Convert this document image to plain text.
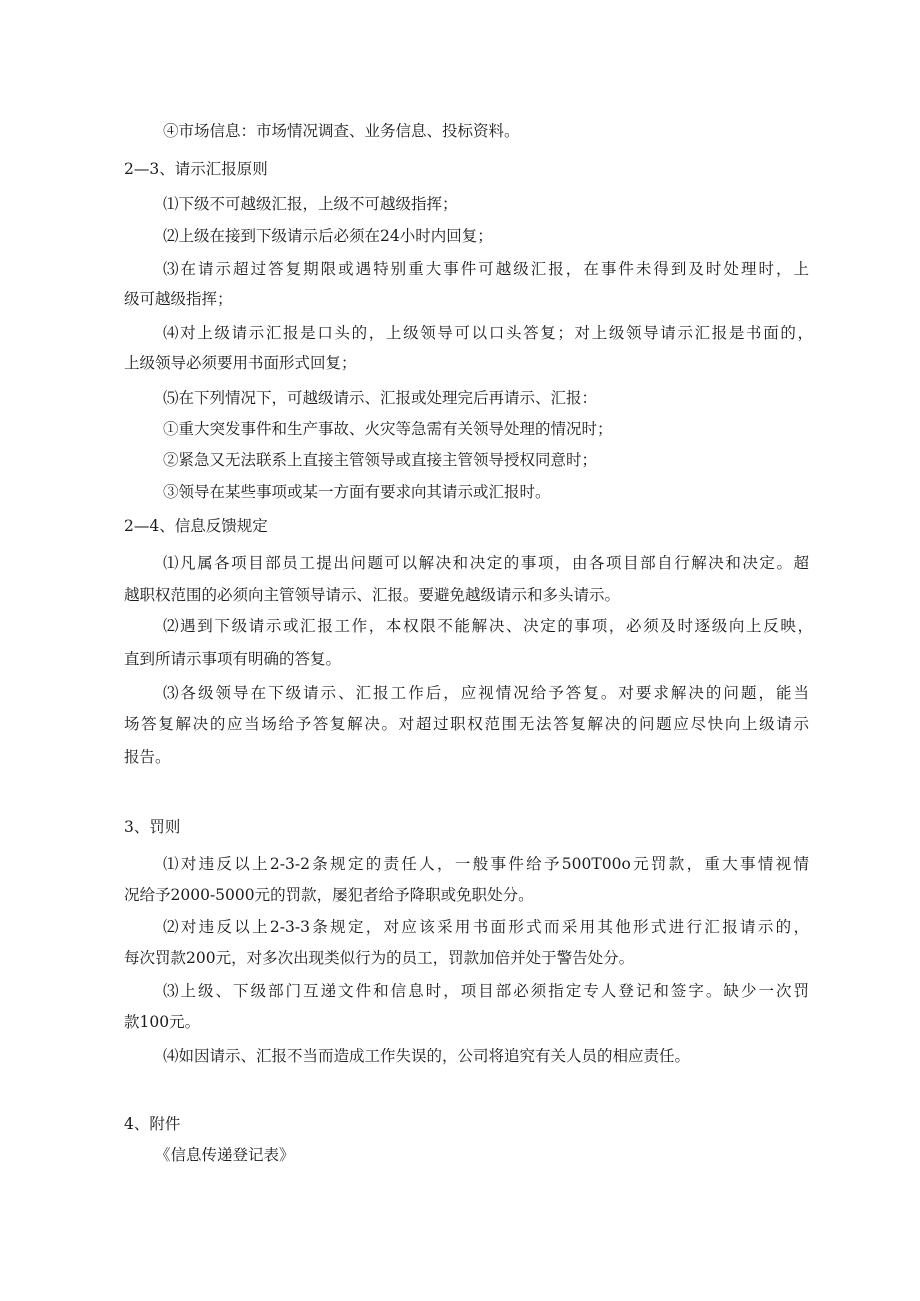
④市场信息：市场情况调查、业务信息、投标资料。
2—3、请示汇报原则
⑴下级不可越级汇报，上级不可越级指挥；
⑵上级在接到下级请示后必须在24小时内回复；
⑶在请示超过答复期限或遇特别重大事件可越级汇报，在事件未得到及时处理时，上
级可越级指挥；
⑷对上级请示汇报是口头的，上级领导可以口头答复；对上级领导请示汇报是书面的，
上级领导必须要用书面形式回复；
⑸在下列情况下，可越级请示、汇报或处理完后再请示、汇报：
①重大突发事件和生产事故、火灾等急需有关领导处理的情况时；
②紧急又无法联系上直接主管领导或直接主管领导授权同意时；
③领导在某些事项或某一方面有要求向其请示或汇报时。
2—4、信息反馈规定
⑴凡属各项目部员工提出问题可以解决和决定的事项，由各项目部自行解决和决定。超
越职权范围的必须向主管领导请示、汇报。要避免越级请示和多头请示。
⑵遇到下级请示或汇报工作，本权限不能解决、决定的事项，必须及时逐级向上反映，
直到所请示事项有明确的答复。
⑶各级领导在下级请示、汇报工作后，应视情况给予答复。对要求解决的问题，能当
场答复解决的应当场给予答复解决。对超过职权范围无法答复解决的问题应尽快向上级请示
报告。
3、罚则
⑴对违反以上2-3-2条规定的责任人，一般事件给予500T00o元罚款，重大事情视情
况给予2000-5000元的罚款，屡犯者给予降职或免职处分。
⑵对违反以上2-3-3条规定，对应该采用书面形式而采用其他形式进行汇报请示的，
每次罚款200元，对多次出现类似行为的员工，罚款加倍并处于警告处分。
⑶上级、下级部门互递文件和信息时，项目部必须指定专人登记和签字。缺少一次罚
款100元。
⑷如因请示、汇报不当而造成工作失误的，公司将追究有关人员的相应责任。
4、附件
《信息传递登记表》
